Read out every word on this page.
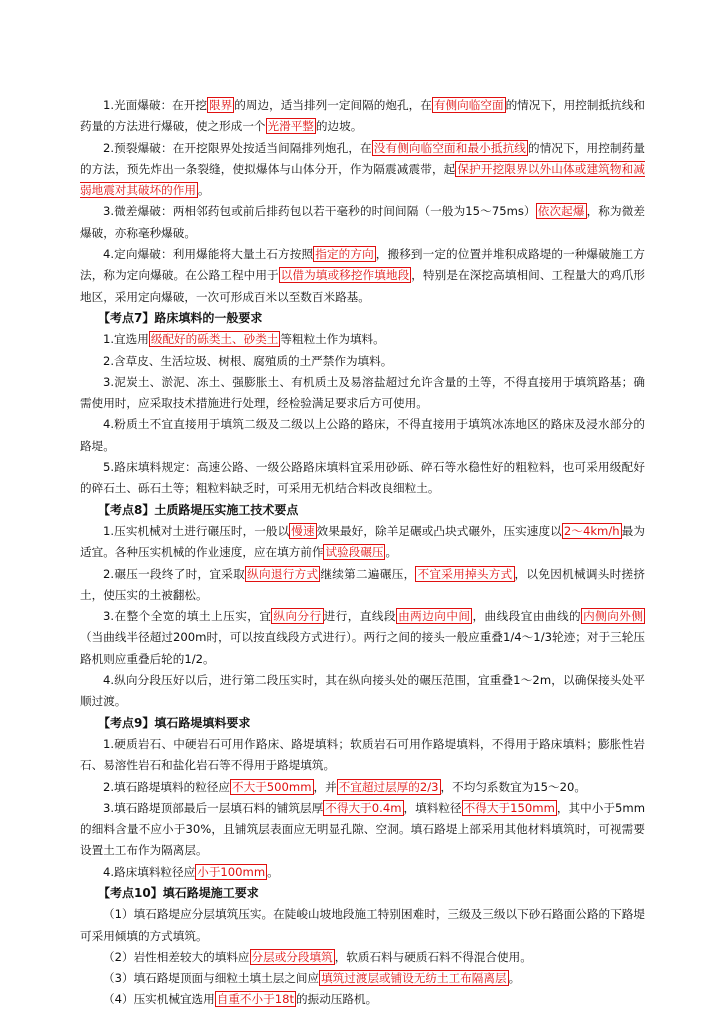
1.光面爆破：在开挖 限界 的周边，适当排列一定间隔的炮孔，在 有侧向临空面 的情况下，用控制抵抗线和药量的方法进行爆破，使之形成一个 光滑平整 的边坡。

2.预裂爆破：在开挖限界处按适当间隔排列炮孔，在 没有侧向临空面和最小抵抗线 的情况下，用控制药量的方法，预先炸出一条裂缝，使拟爆体与山体分开，作为隔震减震带，起 保护开挖限界以外山体或建筑物和减弱地震对其破坏的作用 。

3.微差爆破：两相邻药包或前后排药包以若干毫秒的时间间隔（一般为15～75ms） 依次起爆 ，称为微差爆破，亦称毫秒爆破。

4.定向爆破：利用爆能将大量土石方按照 指定的方向 ，搬移到一定的位置并堆积成路堤的一种爆破施工方法，称为定向爆破。在公路工程中用于 以借为填或移挖作填地段 ，特别是在深挖高填相间、工程量大的鸡爪形地区，采用定向爆破，一次可形成百米以至数百米路基。

【考点7】路床填料的一般要求

1.宜选用 级配好的砾类土、砂类土 等粗粒土作为填料。

2.含草皮、生活垃圾、树根、腐殖质的土严禁作为填料。

3.泥炭土、淤泥、冻土、强膨胀土、有机质土及易溶盐超过允许含量的土等，不得直接用于填筑路基；确需使用时，应采取技术措施进行处理，经检验满足要求后方可使用。

4.粉质土不宜直接用于填筑二级及二级以上公路的路床，不得直接用于填筑冰冻地区的路床及浸水部分的路堤。

5.路床填料规定：高速公路、一级公路路床填料宜采用砂砾、碎石等水稳性好的粗粒料，也可采用级配好的碎石土、砾石土等；粗粒料缺乏时，可采用无机结合料改良细粒土。

【考点8】土质路堤压实施工技术要点

1.压实机械对土进行碾压时，一般以 慢速 效果最好，除羊足碾或凸块式碾外，压实速度以 2～4km/h 最为适宜。各种压实机械的作业速度，应在填方前作 试验段碾压 。

2.碾压一段终了时，宜采取 纵向退行方式 继续第二遍碾压， 不宜采用掉头方式 ，以免因机械调头时搓挤土，使压实的土被翻松。

3.在整个全宽的填土上压实，宜 纵向分行 进行，直线段 由两边向中间 ，曲线段宜由曲线的 内侧向外侧（当曲线半径超过200m时，可以按直线段方式进行）。两行之间的接头一般应重叠1/4～1/3轮迹；对于三轮压路机则应重叠后轮的1/2。

4.纵向分段压好以后，进行第二段压实时，其在纵向接头处的碾压范围，宜重叠1～2m，以确保接头处平顺过渡。

【考点9】填石路堤填料要求

1.硬质岩石、中硬岩石可用作路床、路堤填料；软质岩石可用作路堤填料，不得用于路床填料；膨胀性岩石、易溶性岩石和盐化岩石等不得用于路堤填筑。

2.填石路堤填料的粒径应 不大于500mm ，并 不宜超过层厚的2/3 ，不均匀系数宜为15～20。

3.填石路堤顶部最后一层填石料的铺筑层厚 不得大于0.4m ，填料粒径 不得大于150mm ，其中小于5mm的细料含量不应小于30%，且铺筑层表面应无明显孔隙、空洞。填石路堤上部采用其他材料填筑时，可视需要设置土工布作为隔离层。

4.路床填料粒径应 小于100mm 。

【考点10】填石路堤施工要求

（1）填石路堤应分层填筑压实。在陡峻山坡地段施工特别困难时，三级及三级以下砂石路面公路的下路堤可采用倾填的方式填筑。

（2）岩性相差较大的填料应 分层或分段填筑 ，软质石料与硬质石料不得混合使用。

（3）填石路堤顶面与细粒土填土层之间应 填筑过渡层或铺设无纺土工布隔离层 。

（4）压实机械宜选用 自重不小于18t 的振动压路机。
